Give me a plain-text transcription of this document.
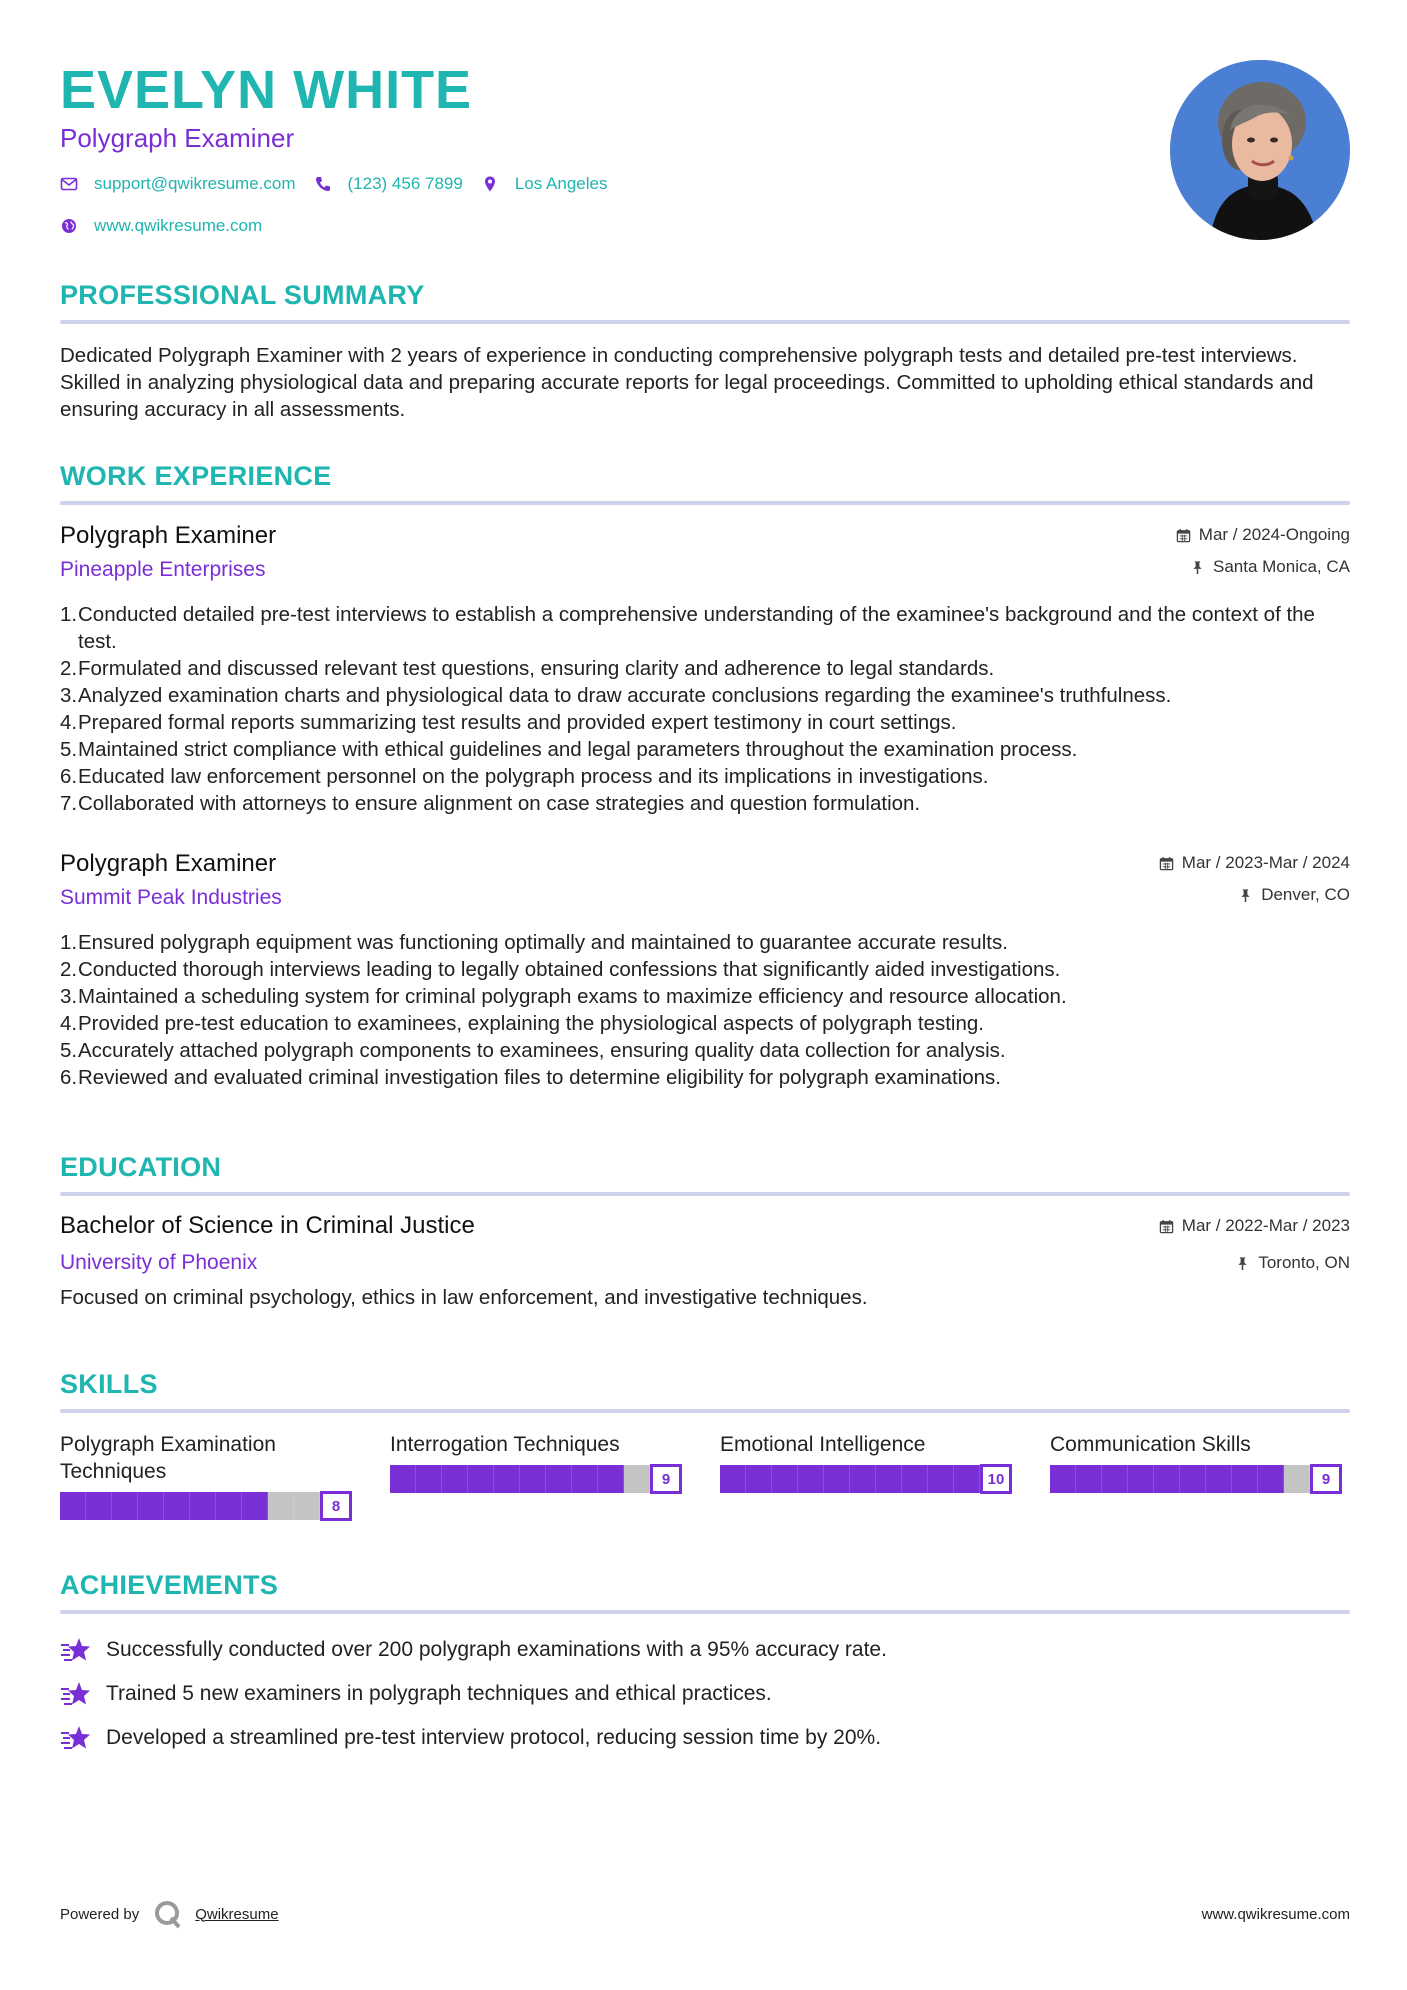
EVELYN WHITE
Polygraph Examiner
support@qwikresume.com	(123) 456 7899	Los Angeles
www.qwikresume.com
PROFESSIONAL SUMMARY
Dedicated Polygraph Examiner with 2 years of experience in conducting comprehensive polygraph tests and detailed pre-test interviews. Skilled in analyzing physiological data and preparing accurate reports for legal proceedings. Committed to upholding ethical standards and ensuring accuracy in all assessments.
WORK EXPERIENCE
Polygraph Examiner
Pineapple Enterprises
Mar / 2024-Ongoing
Santa Monica, CA
1. Conducted detailed pre-test interviews to establish a comprehensive understanding of the examinee's background and the context of the test.
2. Formulated and discussed relevant test questions, ensuring clarity and adherence to legal standards.
3. Analyzed examination charts and physiological data to draw accurate conclusions regarding the examinee's truthfulness.
4. Prepared formal reports summarizing test results and provided expert testimony in court settings.
5. Maintained strict compliance with ethical guidelines and legal parameters throughout the examination process.
6. Educated law enforcement personnel on the polygraph process and its implications in investigations.
7. Collaborated with attorneys to ensure alignment on case strategies and question formulation.
Polygraph Examiner
Summit Peak Industries
Mar / 2023-Mar / 2024
Denver, CO
1. Ensured polygraph equipment was functioning optimally and maintained to guarantee accurate results.
2. Conducted thorough interviews leading to legally obtained confessions that significantly aided investigations.
3. Maintained a scheduling system for criminal polygraph exams to maximize efficiency and resource allocation.
4. Provided pre-test education to examinees, explaining the physiological aspects of polygraph testing.
5. Accurately attached polygraph components to examinees, ensuring quality data collection for analysis.
6. Reviewed and evaluated criminal investigation files to determine eligibility for polygraph examinations.
EDUCATION
Bachelor of Science in Criminal Justice
University of Phoenix
Mar / 2022-Mar / 2023
Toronto, ON
Focused on criminal psychology, ethics in law enforcement, and investigative techniques.
SKILLS
Polygraph Examination Techniques
8
Interrogation Techniques
9
Emotional Intelligence
10
Communication Skills
9
ACHIEVEMENTS
Successfully conducted over 200 polygraph examinations with a 95% accuracy rate.
Trained 5 new examiners in polygraph techniques and ethical practices.
Developed a streamlined pre-test interview protocol, reducing session time by 20%.
Powered by	Qwikresume	www.qwikresume.com
